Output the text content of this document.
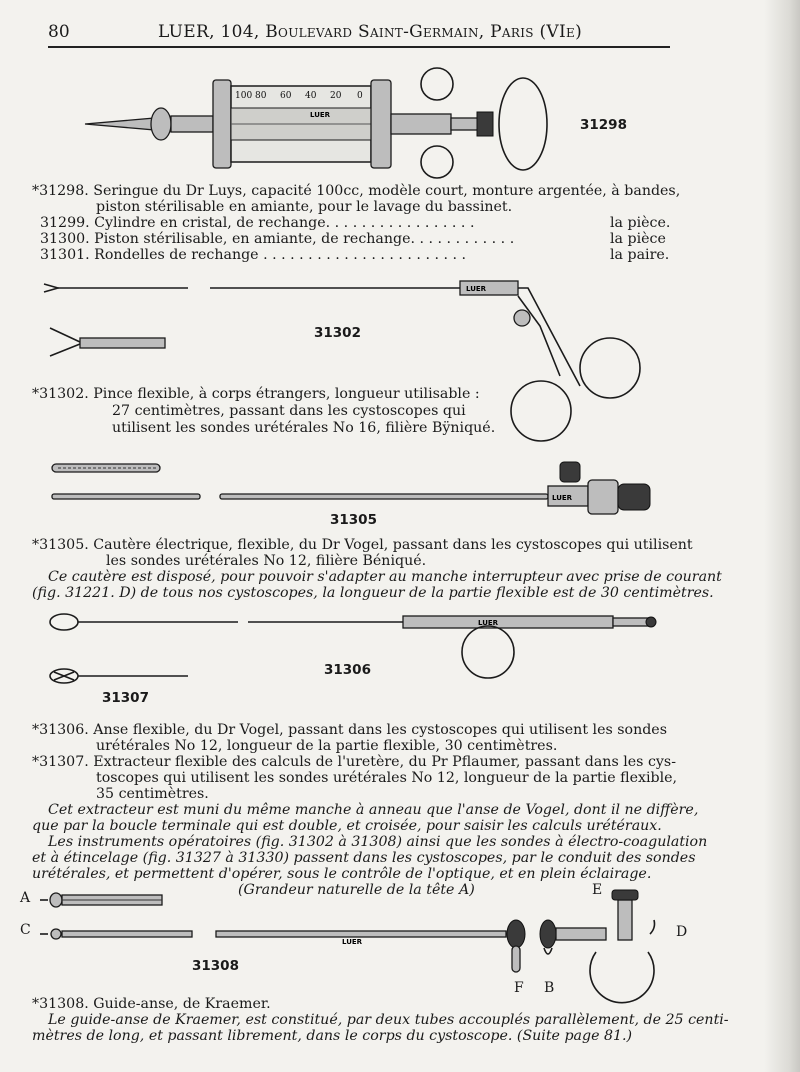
80	LUER, 104, Boulevard Saint-Germain, Paris (VIe)
100 80 60 40 20 0
LUER
31298
*31298. Seringue du Dr Luys, capacité 100cc, modèle court, monture argentée, à bandes,
piston stérilisable en amiante, pour le lavage du bassinet.
31299. Cylindre en cristal, de rechange. . . . . . . . . . . . . . . . .	la pièce.
31300. Piston stérilisable, en amiante, de rechange. . . . . . . . . . . .	la pièce
31301. Rondelles de rechange . . . . . . . . . . . . . . . . . . . . . . .	la paire.
LUER
31302
*31302. Pince flexible, à corps étrangers, longueur utilisable :
27 centimètres, passant dans les cystoscopes qui
utilisent les sondes urétérales No 16, filière Bÿniqué.
LUER
31305
*31305. Cautère électrique, flexible, du Dr Vogel, passant dans les cystoscopes qui utilisent
les sondes urétérales No 12, filière Béniqué.
Ce cautère est disposé, pour pouvoir s'adapter au manche interrupteur avec prise de courant
(fig. 31221. D) de tous nos cystoscopes, la longueur de la partie flexible est de 30 centimètres.
LUER
31306
31307
*31306. Anse flexible, du Dr Vogel, passant dans les cystoscopes qui utilisent les sondes
urétérales No 12, longueur de la partie flexible, 30 centimètres.
*31307. Extracteur flexible des calculs de l'uretère, du Pr Pflaumer, passant dans les cys-
toscopes qui utilisent les sondes urétérales No 12, longueur de la partie flexible,
35 centimètres.
Cet extracteur est muni du même manche à anneau que l'anse de Vogel, dont il ne diffère,
que par la boucle terminale qui est double, et croisée, pour saisir les calculs urétéraux.
Les instruments opératoires (fig. 31302 à 31308) ainsi que les sondes à électro-coagulation
et à étincelage (fig. 31327 à 31330) passent dans les cystoscopes, par le conduit des sondes
urétérales, et permettent d'opérer, sous le contrôle de l'optique, et en plein éclairage.
(Grandeur naturelle de la tête A)
A
C
E
D
F B
LUER
31308
*31308. Guide-anse, de Kraemer.
Le guide-anse de Kraemer, est constitué, par deux tubes accouplés parallèlement, de 25 centi-
mètres de long, et passant librement, dans le corps du cystoscope. (Suite page 81.)
